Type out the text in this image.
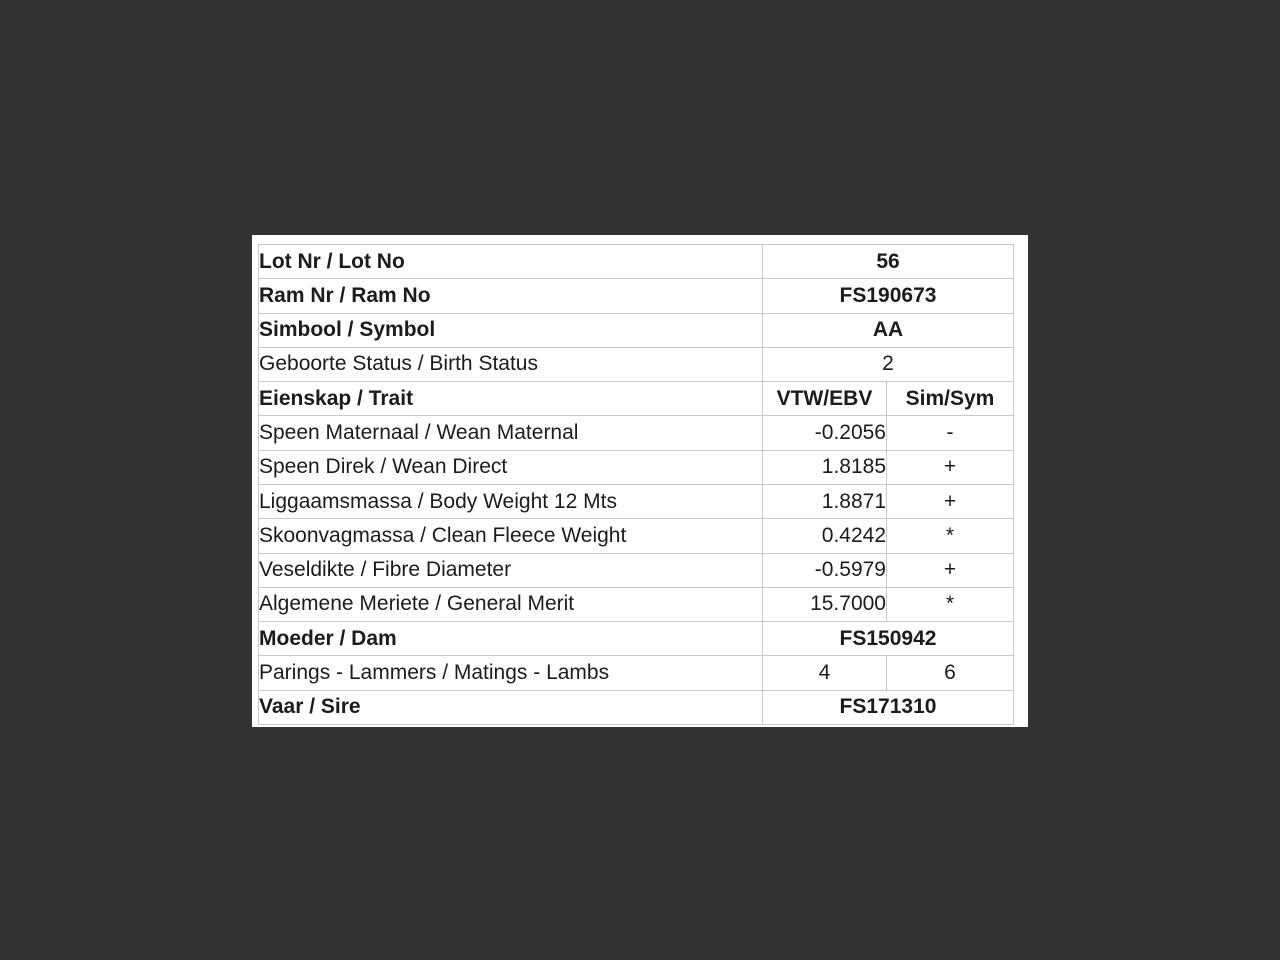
Lot Nr / Lot No	56	
Ram Nr / Ram No	FS190673	
Simbool / Symbol	AA	
Geboorte Status / Birth Status	2	
Eienskap / Trait	VTW/EBV	Sim/Sym
Speen Maternaal / Wean Maternal	-0.2056	-
Speen Direk / Wean Direct	1.8185	+
Liggaamsmassa / Body Weight 12 Mts	1.8871	+
Skoonvagmassa / Clean Fleece Weight	0.4242	*
Veseldikte / Fibre Diameter	-0.5979	+
Algemene Meriete / General Merit	15.7000	*
Moeder / Dam	FS150942	
Parings - Lammers / Matings - Lambs	4	6
Vaar / Sire	FS171310	
